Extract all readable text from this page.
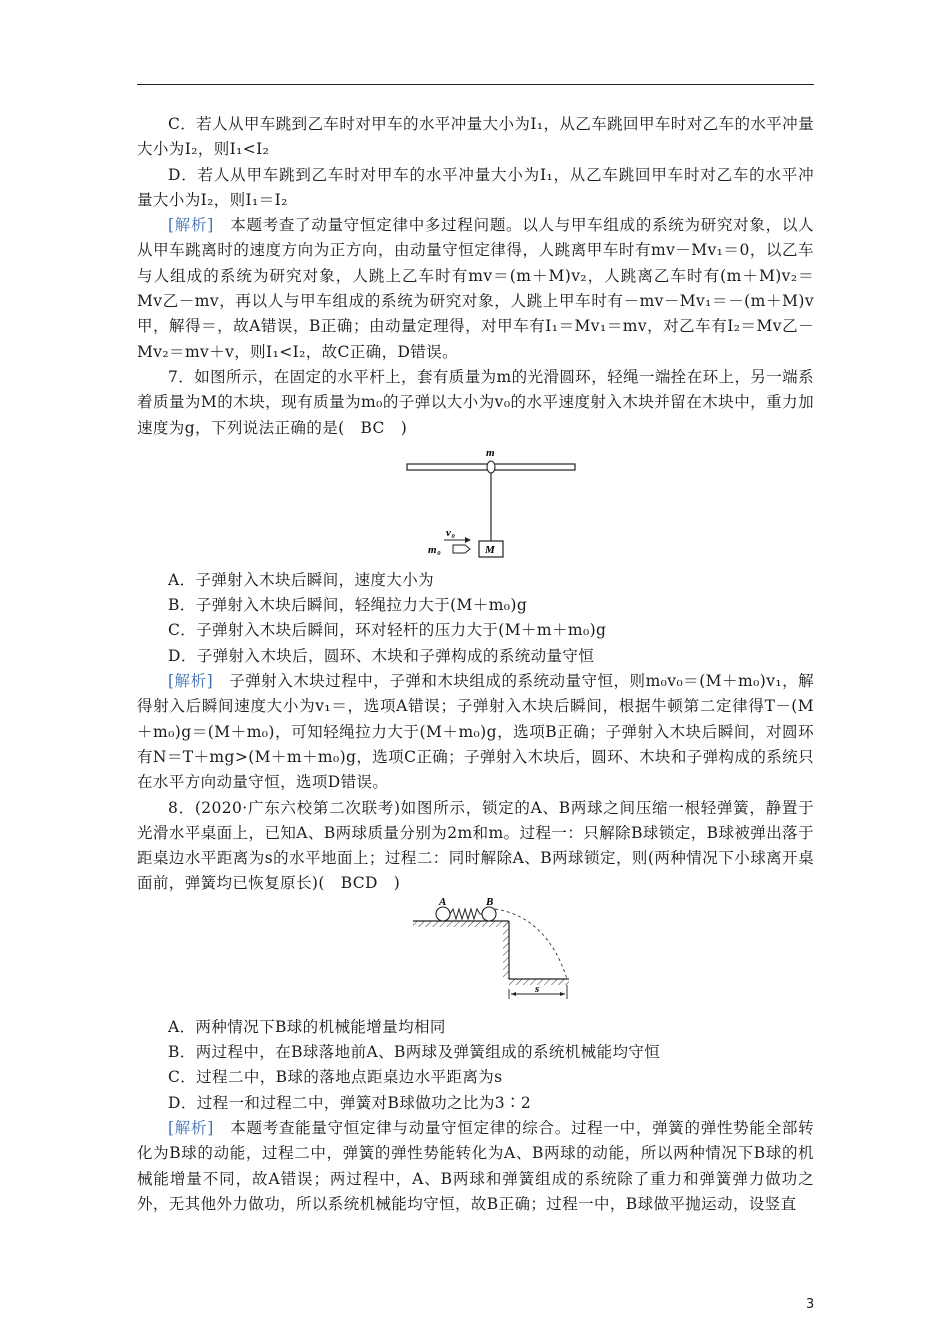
C．若人从甲车跳到乙车时对甲车的水平冲量大小为I₁，从乙车跳回甲车时对乙车的水平冲量大小为I₂，则I₁<I₂

D．若人从甲车跳到乙车时对甲车的水平冲量大小为I₁，从乙车跳回甲车时对乙车的水平冲量大小为I₂，则I₁＝I₂

[解析]　本题考查了动量守恒定律中多过程问题。以人与甲车组成的系统为研究对象，以人从甲车跳离时的速度方向为正方向，由动量守恒定律得，人跳离甲车时有mv－Mv₁＝0，以乙车与人组成的系统为研究对象，人跳上乙车时有mv＝(m＋M)v₂，人跳离乙车时有(m＋M)v₂＝Mv乙－mv，再以人与甲车组成的系统为研究对象，人跳上甲车时有－mv－Mv₁＝－(m＋M)v甲，解得＝，故A错误，B正确；由动量定理得，对甲车有I₁＝Mv₁＝mv，对乙车有I₂＝Mv乙－Mv₂＝mv＋v，则I₁<I₂，故C正确，D错误。

7．如图所示，在固定的水平杆上，套有质量为m的光滑圆环，轻绳一端拴在环上，另一端系着质量为M的木块，现有质量为m₀的子弹以大小为v₀的水平速度射入木块并留在木块中，重力加速度为g，下列说法正确的是(　BC　)

m
M
v₀
m₀

A．子弹射入木块后瞬间，速度大小为

B．子弹射入木块后瞬间，轻绳拉力大于(M＋m₀)g

C．子弹射入木块后瞬间，环对轻杆的压力大于(M＋m＋m₀)g

D．子弹射入木块后，圆环、木块和子弹构成的系统动量守恒

[解析]　子弹射入木块过程中，子弹和木块组成的系统动量守恒，则m₀v₀＝(M＋m₀)v₁，解得射入后瞬间速度大小为v₁＝，选项A错误；子弹射入木块后瞬间，根据牛顿第二定律得T－(M＋m₀)g＝(M＋m₀)，可知轻绳拉力大于(M＋m₀)g，选项B正确；子弹射入木块后瞬间，对圆环有N＝T＋mg>(M＋m＋m₀)g，选项C正确；子弹射入木块后，圆环、木块和子弹构成的系统只在水平方向动量守恒，选项D错误。

8．(2020·广东六校第二次联考)如图所示，锁定的A、B两球之间压缩一根轻弹簧，静置于光滑水平桌面上，已知A、B两球质量分别为2m和m。过程一：只解除B球锁定，B球被弹出落于距桌边水平距离为s的水平地面上；过程二：同时解除A、B两球锁定，则(两种情况下小球离开桌面前，弹簧均已恢复原长)(　BCD　)

A	B
s

A．两种情况下B球的机械能增量均相同

B．两过程中，在B球落地前A、B两球及弹簧组成的系统机械能均守恒

C．过程二中，B球的落地点距桌边水平距离为s

D．过程一和过程二中，弹簧对B球做功之比为3∶2

[解析]　本题考查能量守恒定律与动量守恒定律的综合。过程一中，弹簧的弹性势能全部转化为B球的动能，过程二中，弹簧的弹性势能转化为A、B两球的动能，所以两种情况下B球的机械能增量不同，故A错误；两过程中，A、B两球和弹簧组成的系统除了重力和弹簧弹力做功之外，无其他外力做功，所以系统机械能均守恒，故B正确；过程一中，B球做平抛运动，设竖直

3
